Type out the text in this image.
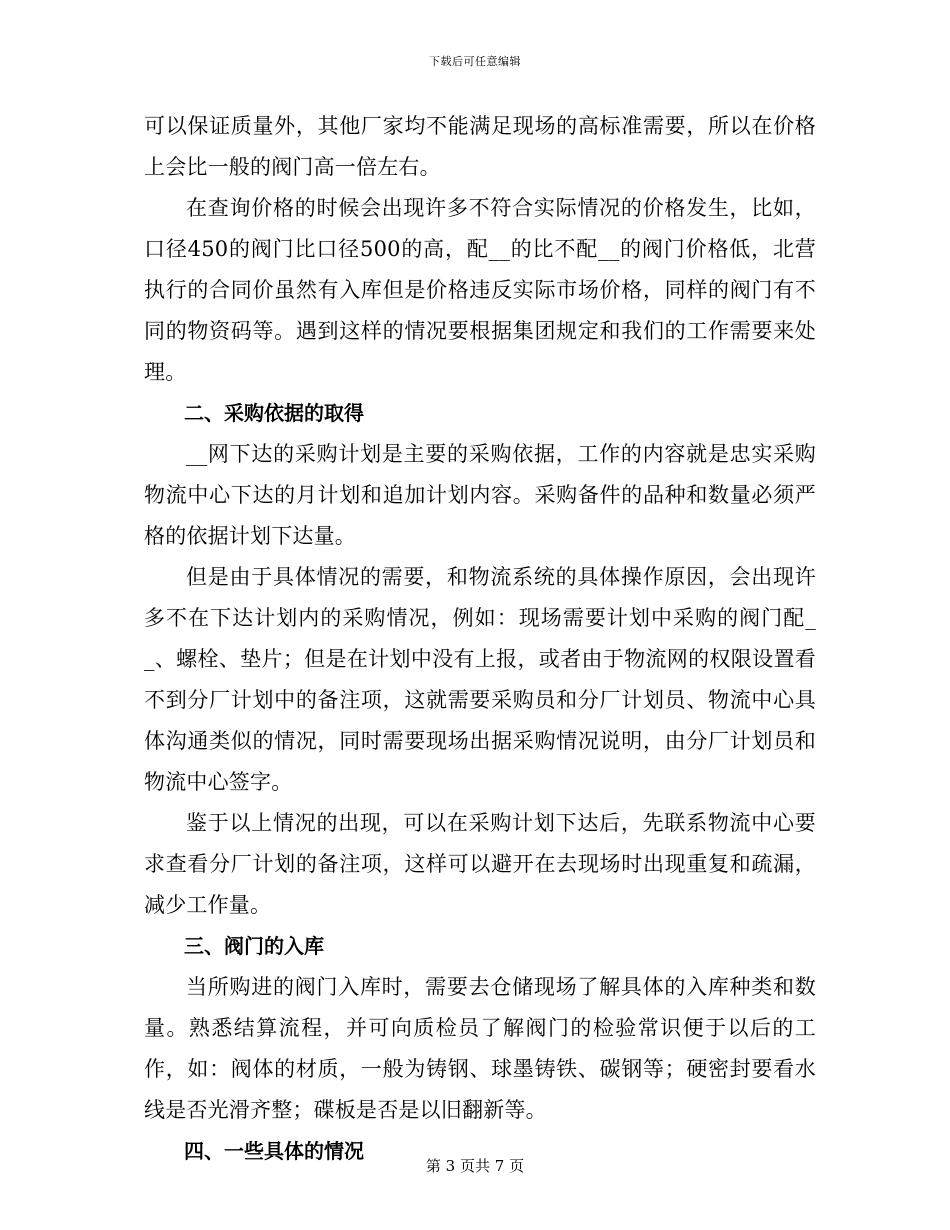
下载后可任意编辑

可以保证质量外，其他厂家均不能满足现场的高标准需要，所以在价格上会比一般的阀门高一倍左右。

在查询价格的时候会出现许多不符合实际情况的价格发生，比如，口径450的阀门比口径500的高，配__的比不配__的阀门价格低，北营执行的合同价虽然有入库但是价格违反实际市场价格，同样的阀门有不同的物资码等。遇到这样的情况要根据集团规定和我们的工作需要来处理。

二、采购依据的取得

__网下达的采购计划是主要的采购依据，工作的内容就是忠实采购物流中心下达的月计划和追加计划内容。采购备件的品种和数量必须严格的依据计划下达量。

但是由于具体情况的需要，和物流系统的具体操作原因，会出现许多不在下达计划内的采购情况，例如：现场需要计划中采购的阀门配__、螺栓、垫片；但是在计划中没有上报，或者由于物流网的权限设置看不到分厂计划中的备注项，这就需要采购员和分厂计划员、物流中心具体沟通类似的情况，同时需要现场出据采购情况说明，由分厂计划员和物流中心签字。

鉴于以上情况的出现，可以在采购计划下达后，先联系物流中心要求查看分厂计划的备注项，这样可以避开在去现场时出现重复和疏漏，减少工作量。

三、阀门的入库

当所购进的阀门入库时，需要去仓储现场了解具体的入库种类和数量。熟悉结算流程，并可向质检员了解阀门的检验常识便于以后的工作，如：阀体的材质，一般为铸钢、球墨铸铁、碳钢等；硬密封要看水线是否光滑齐整；碟板是否是以旧翻新等。

四、一些具体的情况

第 3 页共 7 页
